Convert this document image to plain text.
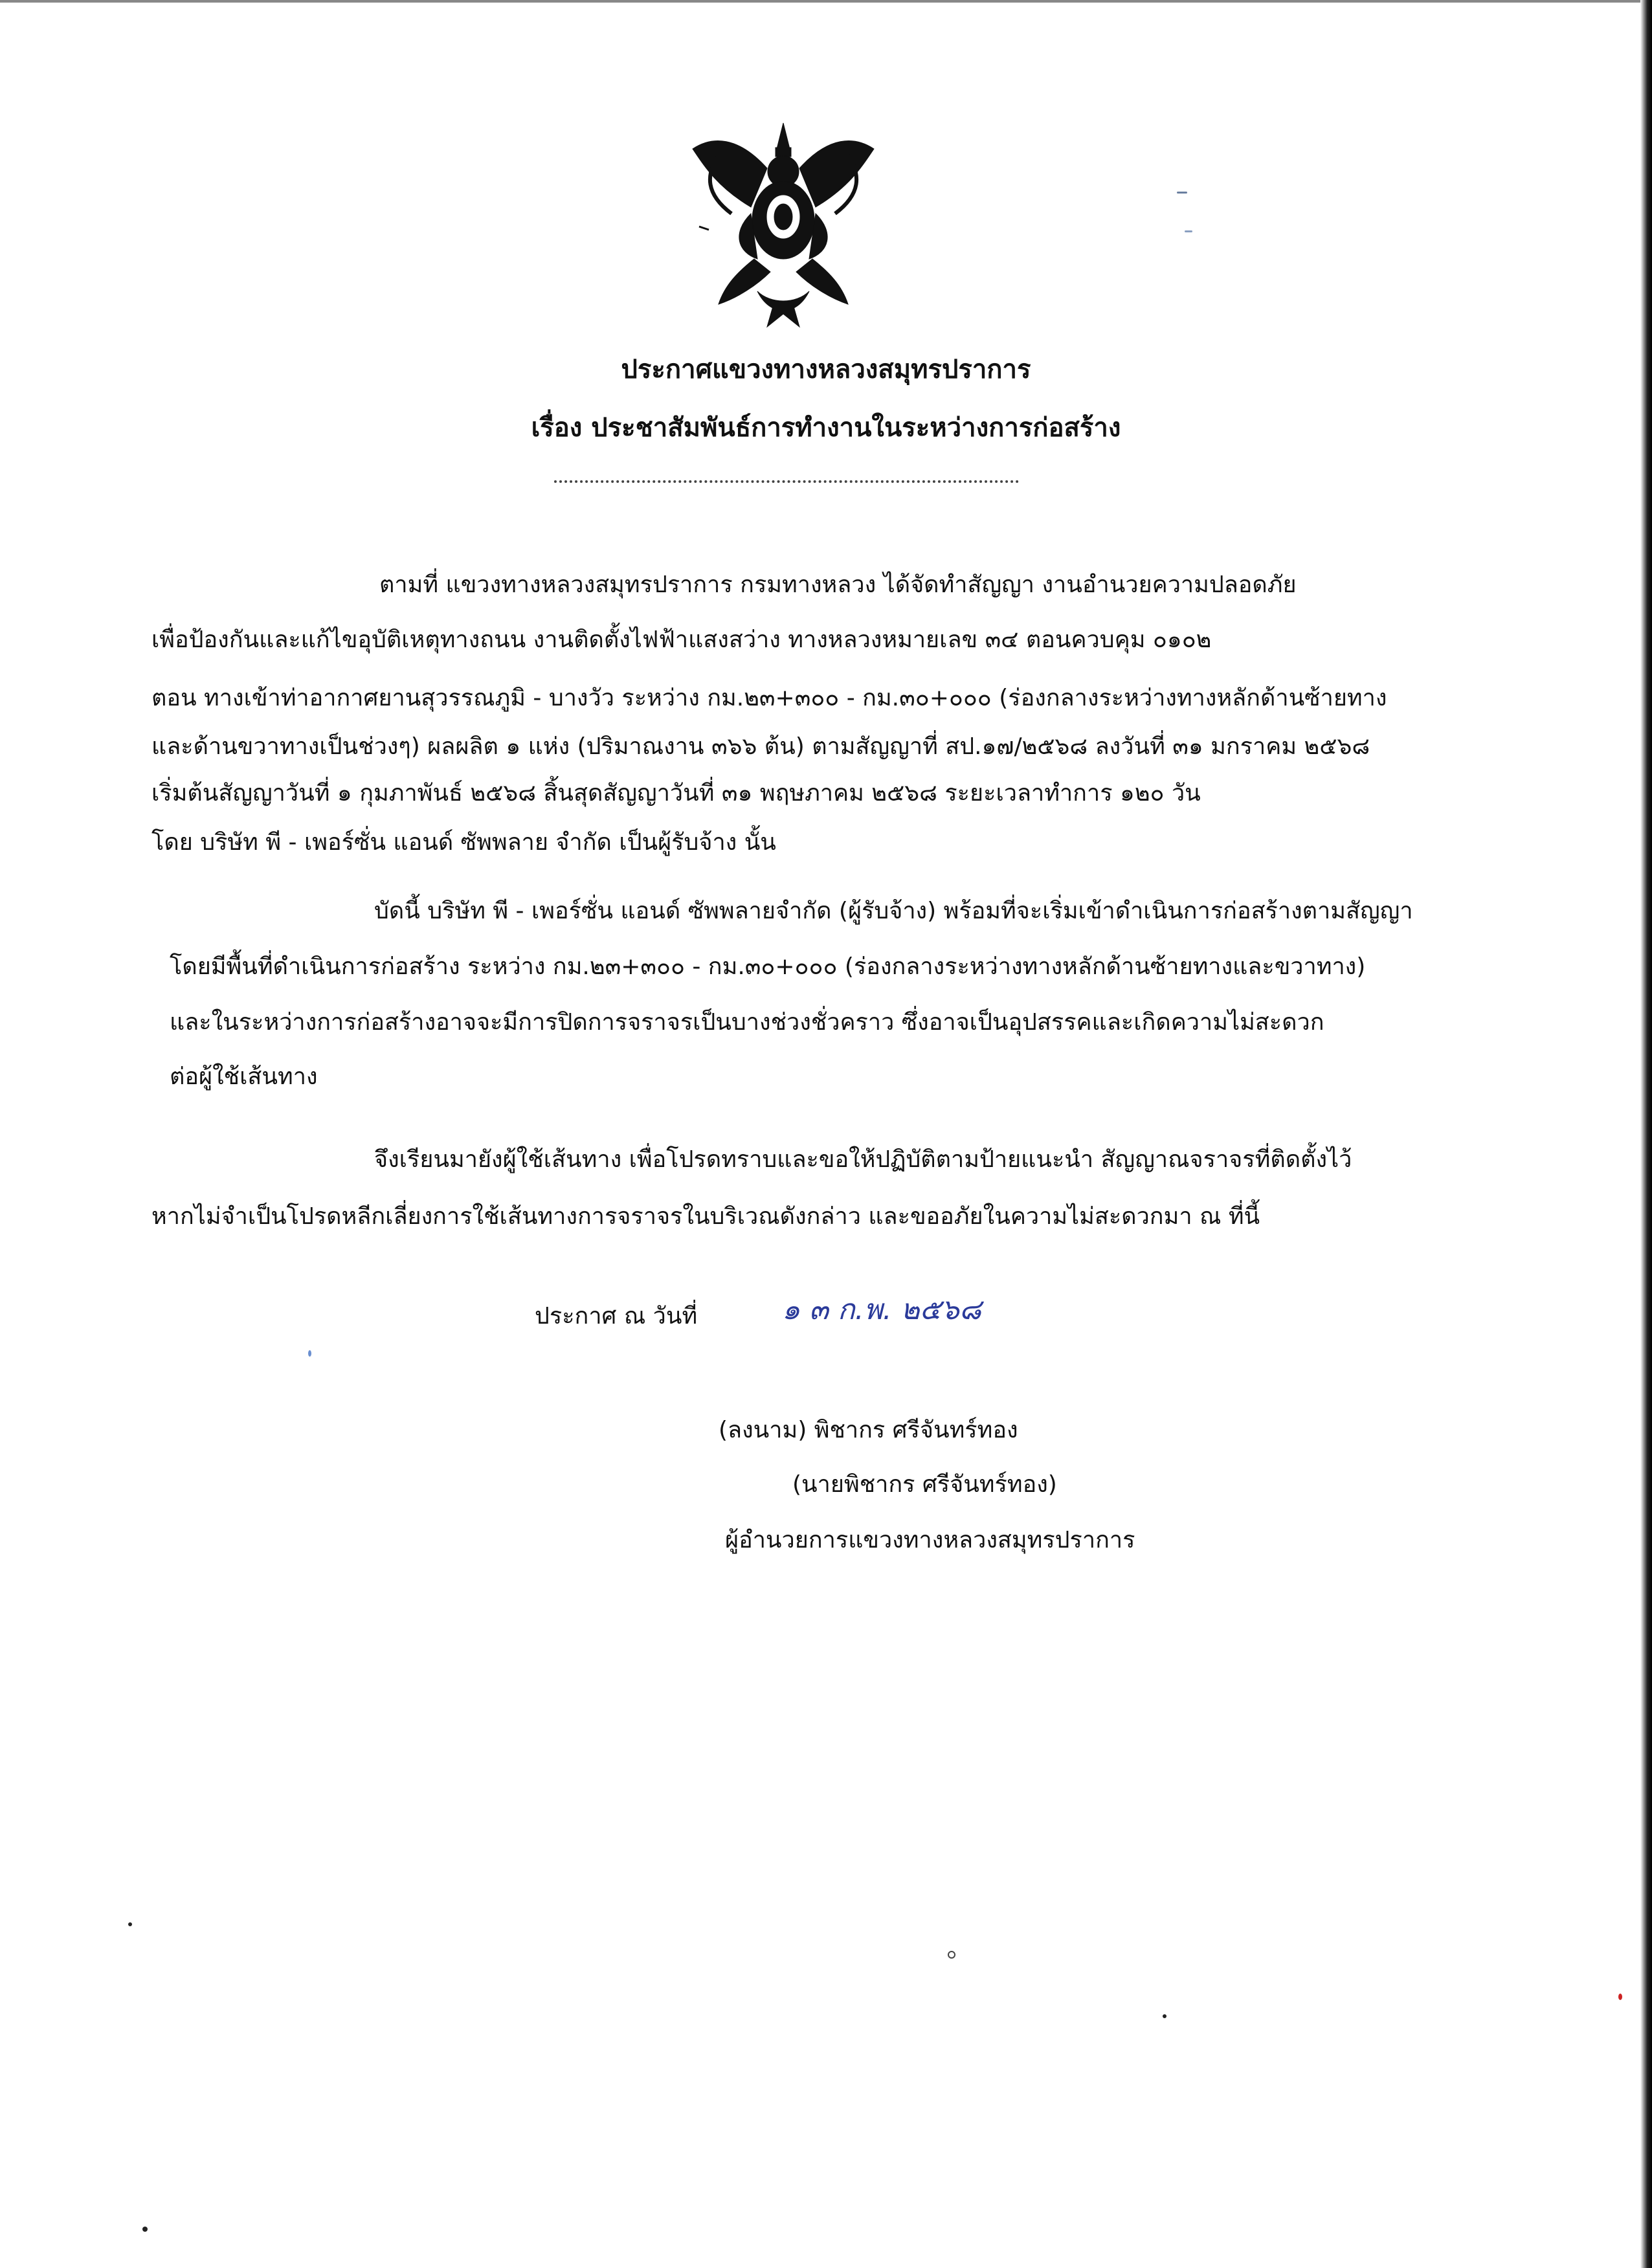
ประกาศแขวงทางหลวงสมุทรปราการ
เรื่อง ประชาสัมพันธ์การทำงานในระหว่างการก่อสร้าง
ตามที่ แขวงทางหลวงสมุทรปราการ กรมทางหลวง ได้จัดทำสัญญา งานอำนวยความปลอดภัย
เพื่อป้องกันและแก้ไขอุบัติเหตุทางถนน งานติดตั้งไฟฟ้าแสงสว่าง ทางหลวงหมายเลข ๓๔ ตอนควบคุม ๐๑๐๒
ตอน ทางเข้าท่าอากาศยานสุวรรณภูมิ - บางวัว ระหว่าง กม.๒๓+๓๐๐ - กม.๓๐+๐๐๐ (ร่องกลางระหว่างทางหลักด้านซ้ายทาง
และด้านขวาทางเป็นช่วงๆ) ผลผลิต ๑ แห่ง (ปริมาณงาน ๓๖๖ ต้น) ตามสัญญาที่ สป.๑๗/๒๕๖๘ ลงวันที่ ๓๑ มกราคม ๒๕๖๘
เริ่มต้นสัญญาวันที่ ๑ กุมภาพันธ์ ๒๕๖๘ สิ้นสุดสัญญาวันที่ ๓๑ พฤษภาคม ๒๕๖๘ ระยะเวลาทำการ ๑๒๐ วัน
โดย บริษัท พี - เพอร์ซั่น แอนด์ ซัพพลาย จำกัด เป็นผู้รับจ้าง นั้น
บัดนี้ บริษัท พี - เพอร์ซั่น แอนด์ ซัพพลายจำกัด (ผู้รับจ้าง) พร้อมที่จะเริ่มเข้าดำเนินการก่อสร้างตามสัญญา
โดยมีพื้นที่ดำเนินการก่อสร้าง ระหว่าง กม.๒๓+๓๐๐ - กม.๓๐+๐๐๐ (ร่องกลางระหว่างทางหลักด้านซ้ายทางและขวาทาง)
และในระหว่างการก่อสร้างอาจจะมีการปิดการจราจรเป็นบางช่วงชั่วคราว ซึ่งอาจเป็นอุปสรรคและเกิดความไม่สะดวก
ต่อผู้ใช้เส้นทาง
จึงเรียนมายังผู้ใช้เส้นทาง เพื่อโปรดทราบและขอให้ปฏิบัติตามป้ายแนะนำ สัญญาณจราจรที่ติดตั้งไว้
หากไม่จำเป็นโปรดหลีกเลี่ยงการใช้เส้นทางการจราจรในบริเวณดังกล่าว และขออภัยในความไม่สะดวกมา ณ ที่นี้
ประกาศ ณ วันที่	๑ ๓ ก.พ. ๒๕๖๘
(ลงนาม) พิชากร ศรีจันทร์ทอง
(นายพิชากร ศรีจันทร์ทอง)
ผู้อำนวยการแขวงทางหลวงสมุทรปราการ
